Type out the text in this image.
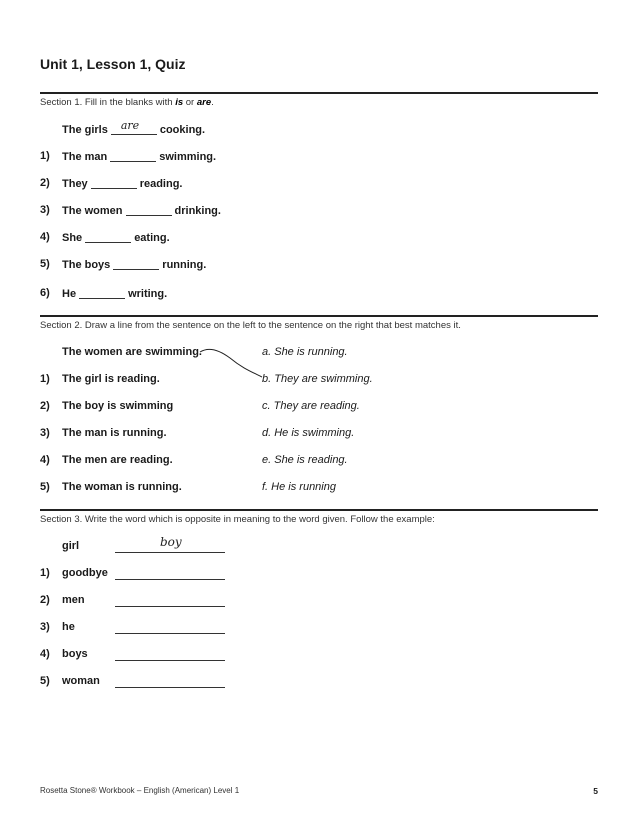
Unit 1, Lesson 1, Quiz
Section 1. Fill in the blanks with is or are.
The girls are cooking.
1)	The man	swimming.
2)	They	reading.
3)	The women	drinking.
4)	She	eating.
5)	The boys	running.
6)	He	writing.
Section 2. Draw a line from the sentence on the left to the sentence on the right that best matches it.
The women are swimming.	a. She is running.
1)	The girl is reading.	b. They are swimming.
2)	The boy is swimming	c. They are reading.
3)	The man is running.	d. He is swimming.
4)	The men are reading.	e. She is reading.
5)	The woman is running.	f. He is running
Section 3. Write the word which is opposite in meaning to the word given. Follow the example:
girl	boy
1)	goodbye
2)	men
3)	he
4)	boys
5)	woman
Rosetta Stone® Workbook – English (American) Level 1	5
